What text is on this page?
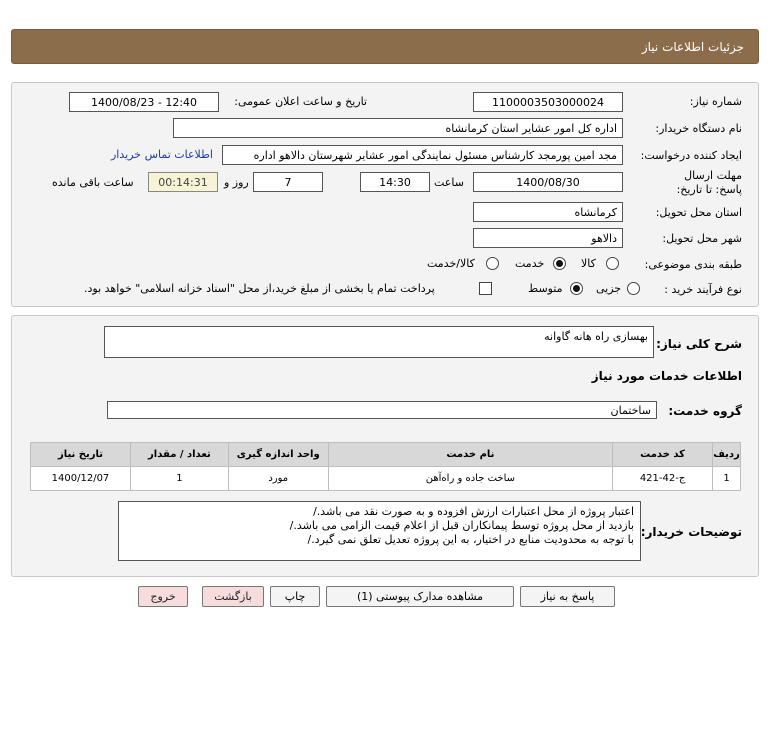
جزئیات اطلاعات نیاز
شماره نیاز:
1100003503000024
تاریخ و ساعت اعلان عمومی:
1400/08/23 - 12:40
نام دستگاه خریدار:
اداره کل امور عشایر استان کرمانشاه
ایجاد کننده درخواست:
مجد امین پورمجد کارشناس مسئول نمایندگی امور عشایر شهرستان دالاهو اداره
اطلاعات تماس خریدار
مهلت ارسال پاسخ: تا تاریخ:
1400/08/30
ساعت
14:30
7
روز و
00:14:31
ساعت باقی مانده
استان محل تحویل:
کرمانشاه
شهر محل تحویل:
دالاهو
طبقه بندی موضوعی:
کالا
خدمت
کالا/خدمت
نوع فرآیند خرید :
جزیی
متوسط
پرداخت تمام یا بخشی از مبلغ خرید،از محل "اسناد خزانه اسلامی" خواهد بود.
شرح کلی نیاز:
بهسازی راه هانه گاوانه
اطلاعات خدمات مورد نیاز
گروه خدمت:
ساختمان
ردیف	کد خدمت	نام خدمت	واحد اندازه گیری	تعداد / مقدار	تاریخ نیاز
1	ج-42-421	ساخت جاده و راه‌آهن	مورد	1	1400/12/07
توضیحات خریدار:
اعتبار پروژه از محل اعتبارات ارزش افزوده و به صورت نقد می باشد./
بازدید از محل پروژه توسط پیمانکاران قبل از اعلام قیمت الزامی می باشد./
با توجه به محدودیت منابع در اختیار، به این پروژه تعدیل تعلق نمی گیرد./
پاسخ به نیاز
مشاهده مدارک پیوستی (1)
چاپ
بازگشت
خروج
